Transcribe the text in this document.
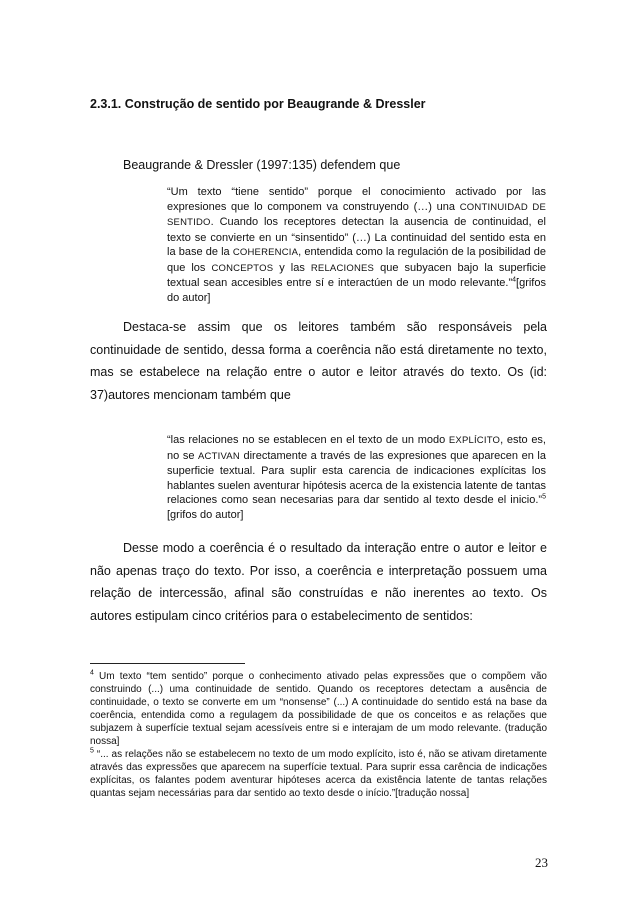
2.3.1. Construção de sentido por Beaugrande & Dressler

Beaugrande & Dressler (1997:135) defendem que

“Um texto “tiene sentido” porque el conocimiento activado por las expresiones que lo componem va construyendo (…) una CONTINUIDAD DE SENTIDO. Cuando los receptores detectan la ausencia de continuidad, el texto se convierte en un “sinsentido” (…) La continuidad del sentido esta en la base de la COHERENCIA, entendida como la regulación de la posibilidad de que los CONCEPTOS y las RELACIONES que subyacen bajo la superficie textual sean accesibles entre sí e interactúen de un modo relevante.”$^4$[grifos do autor]

Destaca-se assim que os leitores também são responsáveis pela continuidade de sentido, dessa forma a coerência não está diretamente no texto, mas se estabelece na relação entre o autor e leitor através do texto. Os (id: 37)autores mencionam também que

“las relaciones no se establecen en el texto de un modo EXPLÍCITO, esto es, no se ACTIVAN directamente a través de las expresiones que aparecen en la superficie textual. Para suplir esta carencia de indicaciones explícitas los hablantes suelen aventurar hipótesis acerca de la existencia latente de tantas relaciones como sean necesarias para dar sentido al texto desde el inicio.”$^5$ [grifos do autor]

Desse modo a coerência é o resultado da interação entre o autor e leitor e não apenas traço do texto. Por isso, a coerência e interpretação possuem uma relação de intercessão, afinal são construídas e não inerentes ao texto. Os autores estipulam cinco critérios para o estabelecimento de sentidos:

$^4$ Um texto “tem sentido” porque o conhecimento ativado pelas expressões que o compõem vão construindo (...) uma continuidade de sentido. Quando os receptores detectam a ausência de continuidade, o texto se converte em um “nonsense” (...) A continuidade do sentido está na base da coerência, entendida como a regulagem da possibilidade de que os conceitos e as relações que subjazem à superfície textual sejam acessíveis entre si e interajam de um modo relevante. (tradução nossa]

$^5$ “... as relações não se estabelecem no texto de um modo explícito, isto é, não se ativam diretamente através das expressões que aparecem na superfície textual. Para suprir essa carência de indicações explícitas, os falantes podem aventurar hipóteses acerca da existência latente de tantas relações quantas sejam necessárias para dar sentido ao texto desde o início.”[tradução nossa]

23
